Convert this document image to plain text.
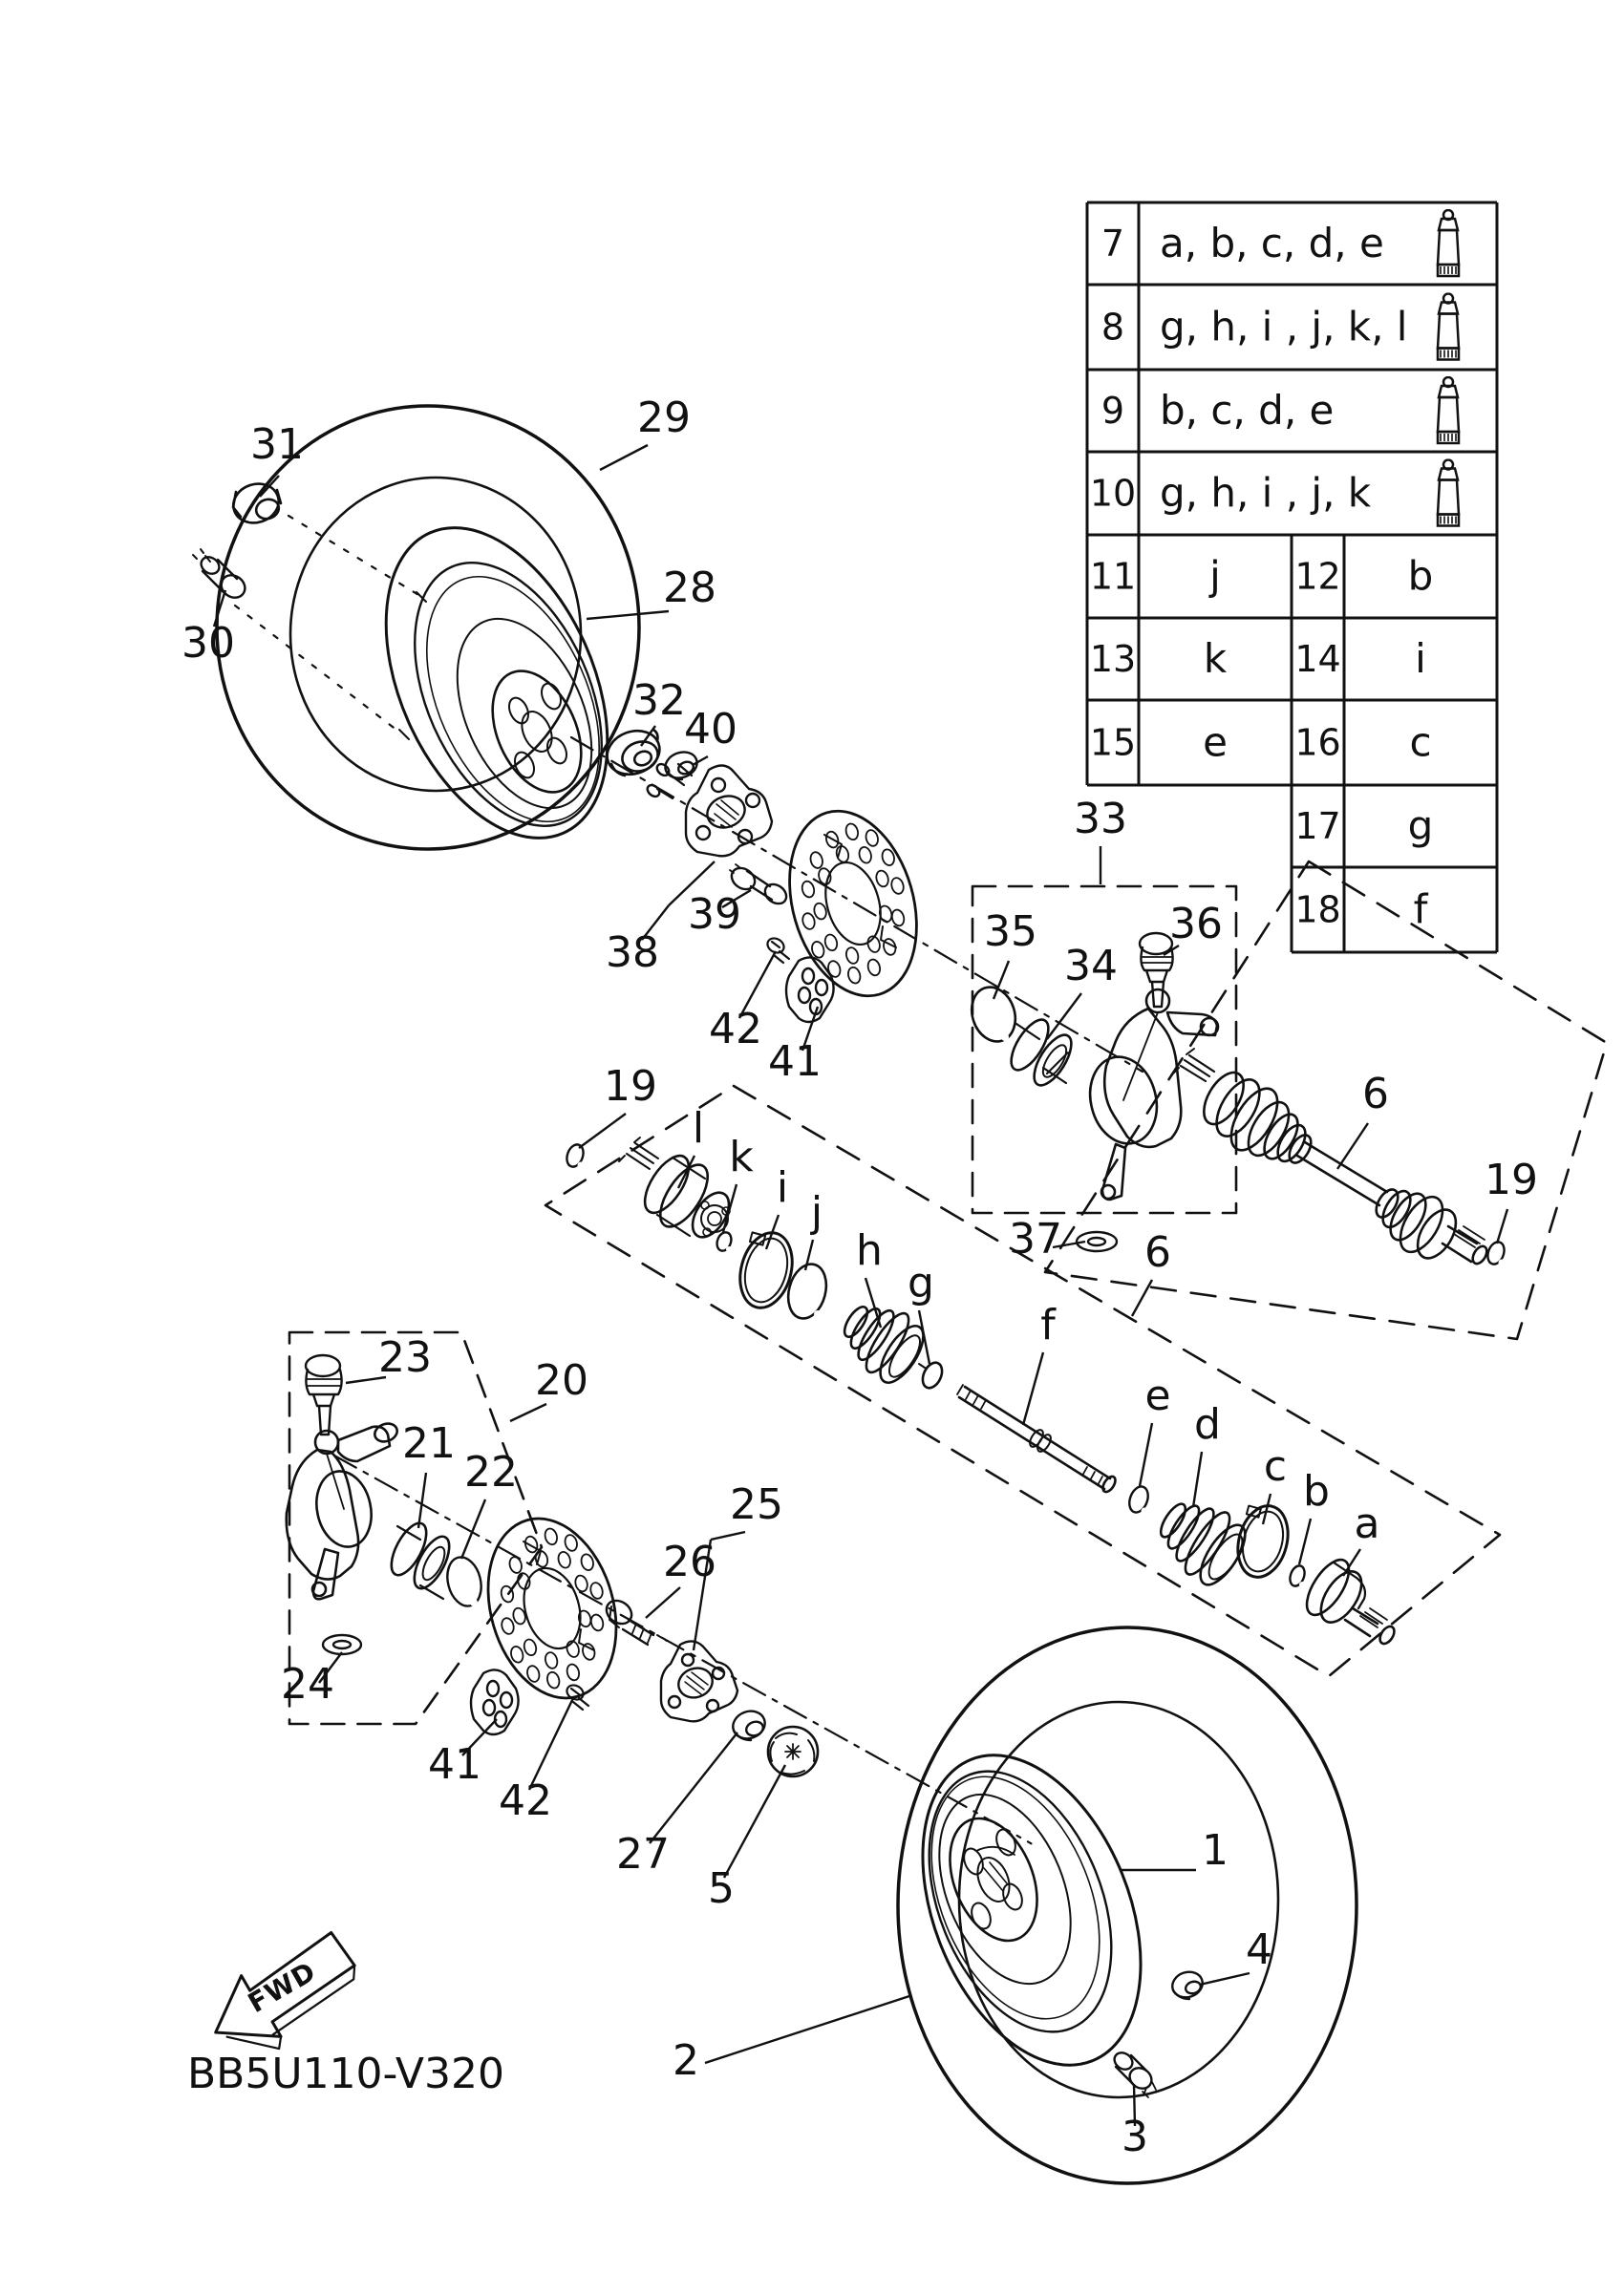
FWD
BB5U110-V320
7 a, b, c, d, e
8 g, h, i , j, k, l
9 b, c, d, e
10 g, h, i , j, k
11 j 12 b
13 k 14 i
15 e 16 c
17 g
18 f
29
31
30
28
32
40
38
39
42
41
33
35
34
36
37
6
19
19
l
k
i
j
h
g
6
f
e
d
c
b
a
23 20
21
22
24
25
26
41
42
27
5
2
1
4
3
